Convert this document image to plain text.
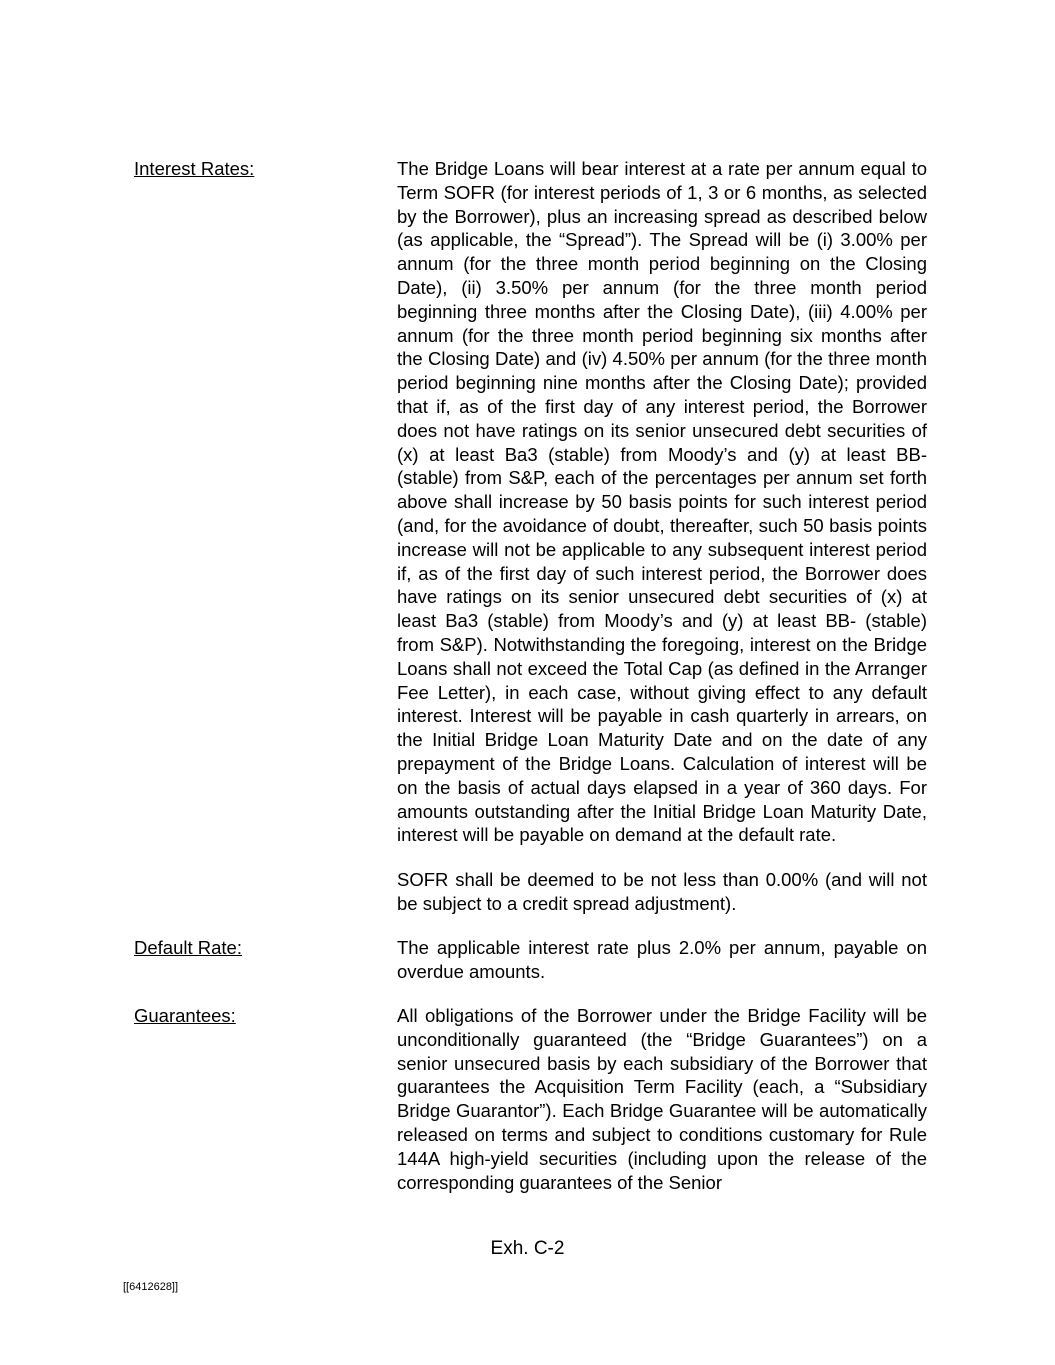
Interest Rates:	The Bridge Loans will bear interest at a rate per annum equal to Term SOFR (for interest periods of 1, 3 or 6 months, as selected by the Borrower), plus an increasing spread as described below (as applicable, the “Spread”). The Spread will be (i) 3.00% per annum (for the three month period beginning on the Closing Date), (ii) 3.50% per annum (for the three month period beginning three months after the Closing Date), (iii) 4.00% per annum (for the three month period beginning six months after the Closing Date) and (iv) 4.50% per annum (for the three month period beginning nine months after the Closing Date); provided that if, as of the first day of any interest period, the Borrower does not have ratings on its senior unsecured debt securities of (x) at least Ba3 (stable) from Moody’s and (y) at least BB- (stable) from S&P, each of the percentages per annum set forth above shall increase by 50 basis points for such interest period (and, for the avoidance of doubt, thereafter, such 50 basis points increase will not be applicable to any subsequent interest period if, as of the first day of such interest period, the Borrower does have ratings on its senior unsecured debt securities of (x) at least Ba3 (stable) from Moody’s and (y) at least BB- (stable) from S&P). Notwithstanding the foregoing, interest on the Bridge Loans shall not exceed the Total Cap (as defined in the Arranger Fee Letter), in each case, without giving effect to any default interest. Interest will be payable in cash quarterly in arrears, on the Initial Bridge Loan Maturity Date and on the date of any prepayment of the Bridge Loans. Calculation of interest will be on the basis of actual days elapsed in a year of 360 days. For amounts outstanding after the Initial Bridge Loan Maturity Date, interest will be payable on demand at the default rate.

SOFR shall be deemed to be not less than 0.00% (and will not be subject to a credit spread adjustment).

Default Rate:	The applicable interest rate plus 2.0% per annum, payable on overdue amounts.

Guarantees:	All obligations of the Borrower under the Bridge Facility will be unconditionally guaranteed (the “Bridge Guarantees”) on a senior unsecured basis by each subsidiary of the Borrower that guarantees the Acquisition Term Facility (each, a “Subsidiary Bridge Guarantor”). Each Bridge Guarantee will be automatically released on terms and subject to conditions customary for Rule 144A high-yield securities (including upon the release of the corresponding guarantees of the Senior

Exh. C-2
[[6412628]]
